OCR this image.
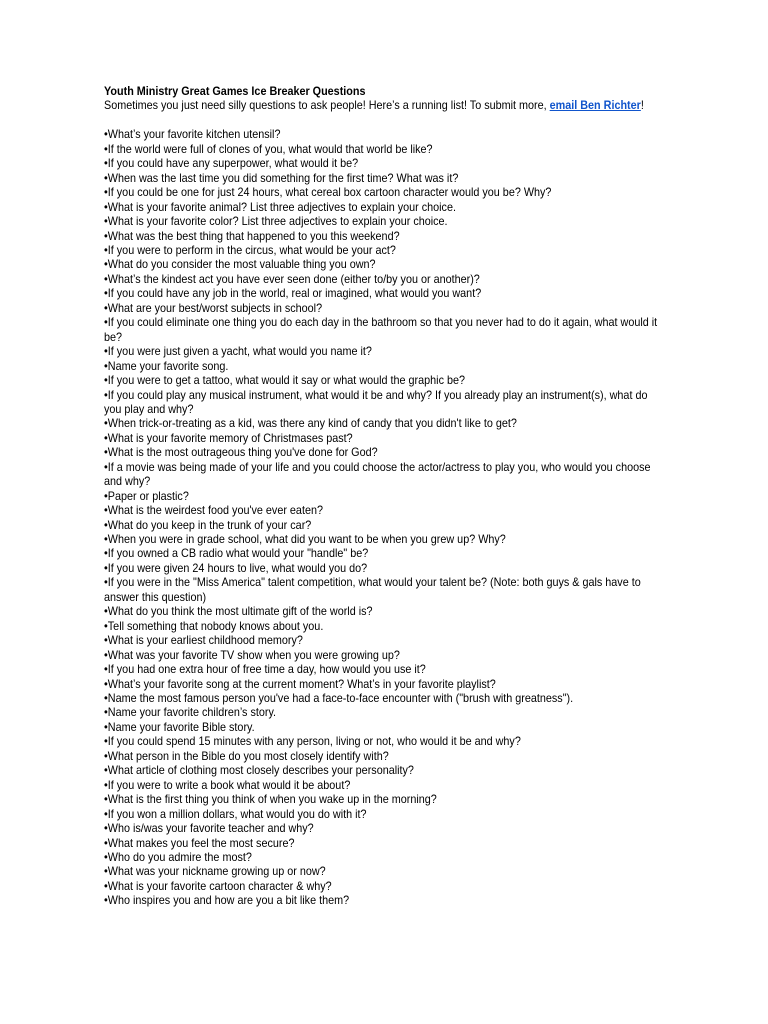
Youth Ministry Great Games Ice Breaker Questions

Sometimes you just need silly questions to ask people! Here’s a running list! To submit more, email Ben Richter!

•What’s your favorite kitchen utensil?
•If the world were full of clones of you, what would that world be like?
•If you could have any superpower, what would it be?
•When was the last time you did something for the first time? What was it?
•If you could be one for just 24 hours, what cereal box cartoon character would you be? Why?
•What is your favorite animal? List three adjectives to explain your choice.
•What is your favorite color? List three adjectives to explain your choice.
•What was the best thing that happened to you this weekend?
•If you were to perform in the circus, what would be your act?
•What do you consider the most valuable thing you own?
•What’s the kindest act you have ever seen done (either to/by you or another)?
•If you could have any job in the world, real or imagined, what would you want?
•What are your best/worst subjects in school?
•If you could eliminate one thing you do each day in the bathroom so that you never had to do it again, what would it be?
•If you were just given a yacht, what would you name it?
•Name your favorite song.
•If you were to get a tattoo, what would it say or what would the graphic be?
•If you could play any musical instrument, what would it be and why? If you already play an instrument(s), what do you play and why?
•When trick-or-treating as a kid, was there any kind of candy that you didn't like to get?
•What is your favorite memory of Christmases past?
•What is the most outrageous thing you've done for God?
•If a movie was being made of your life and you could choose the actor/actress to play you, who would you choose and why?
•Paper or plastic?
•What is the weirdest food you've ever eaten?
•What do you keep in the trunk of your car?
•When you were in grade school, what did you want to be when you grew up? Why?
•If you owned a CB radio what would your "handle" be?
•If you were given 24 hours to live, what would you do?
•If you were in the "Miss America" talent competition, what would your talent be? (Note: both guys & gals have to answer this question)
•What do you think the most ultimate gift of the world is?
•Tell something that nobody knows about you.
•What is your earliest childhood memory?
•What was your favorite TV show when you were growing up?
•If you had one extra hour of free time a day, how would you use it?
•What’s your favorite song at the current moment? What’s in your favorite playlist?
•Name the most famous person you've had a face-to-face encounter with ("brush with greatness").
•Name your favorite children’s story.
•Name your favorite Bible story.
•If you could spend 15 minutes with any person, living or not, who would it be and why?
•What person in the Bible do you most closely identify with?
•What article of clothing most closely describes your personality?
•If you were to write a book what would it be about?
•What is the first thing you think of when you wake up in the morning?
•If you won a million dollars, what would you do with it?
•Who is/was your favorite teacher and why?
•What makes you feel the most secure?
•Who do you admire the most?
•What was your nickname growing up or now?
•What is your favorite cartoon character & why?
•Who inspires you and how are you a bit like them?
